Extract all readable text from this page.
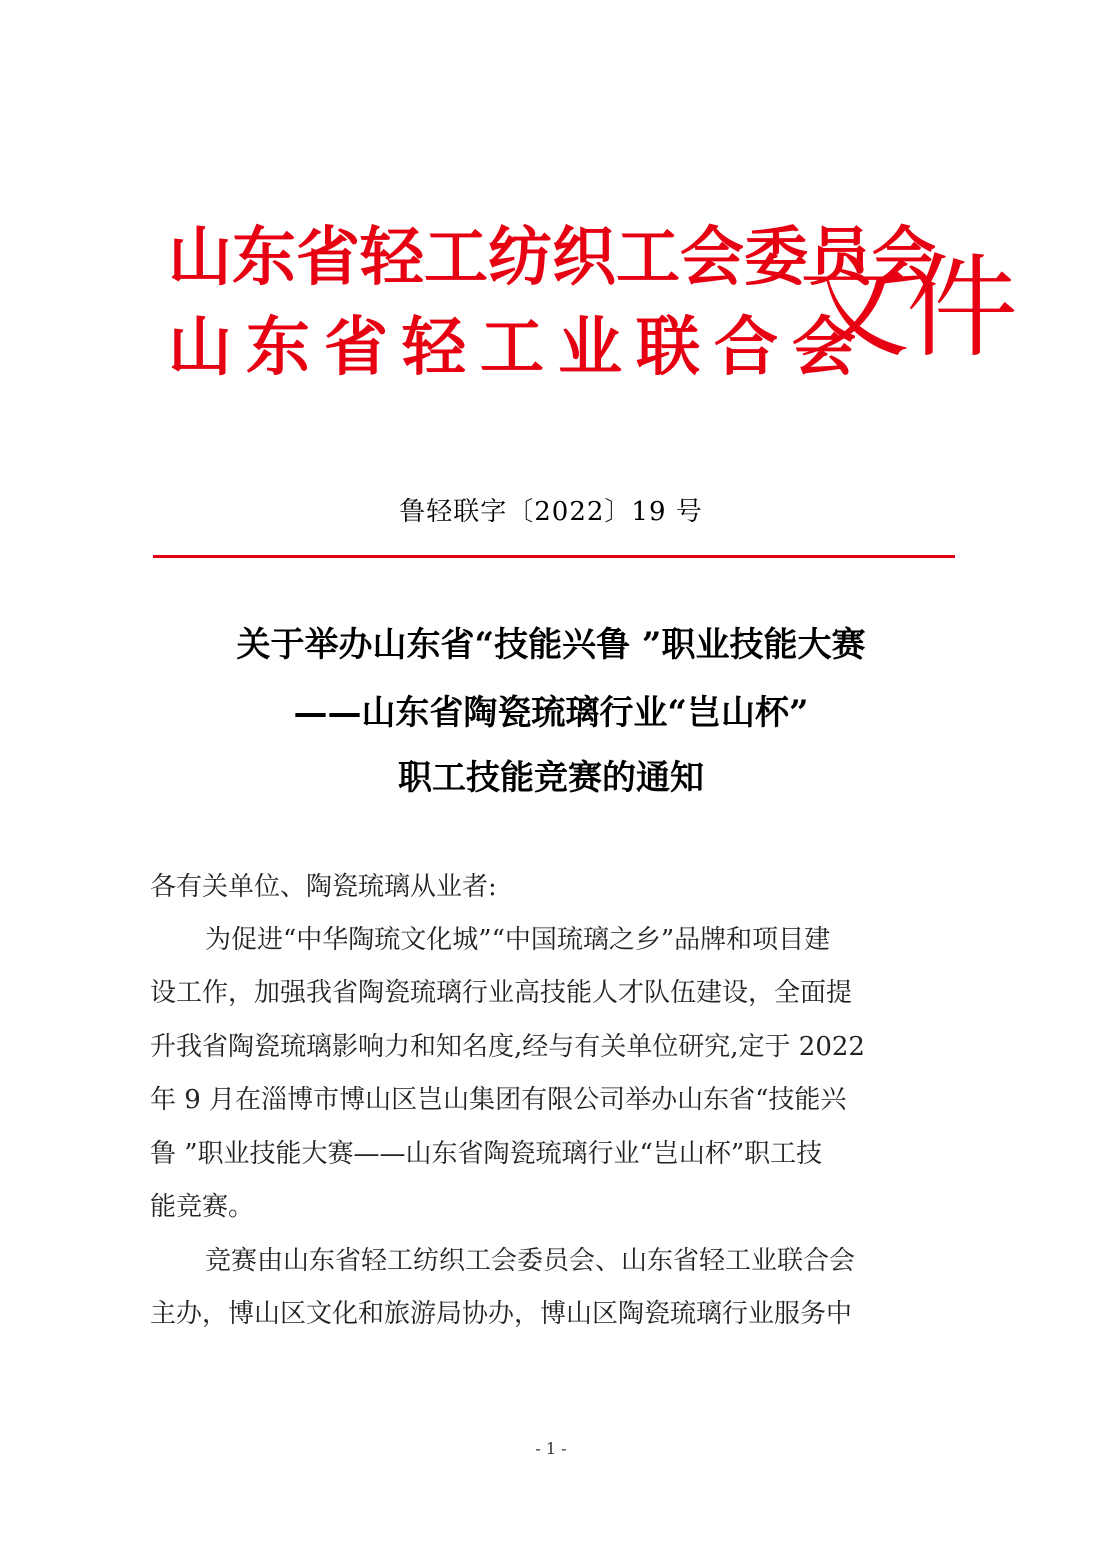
山东省轻工纺织工会委员会
山东省轻工业联合会
文件
鲁轻联字〔2022〕19 号
关于举办山东省“技能兴鲁 ”职业技能大赛
——山东省陶瓷琉璃行业“岂山杯”
职工技能竞赛的通知
各有关单位、陶瓷琉璃从业者:
为促进“中华陶琉文化城”“中国琉璃之乡”品牌和项目建
设工作，加强我省陶瓷琉璃行业高技能人才队伍建设，全面提
升我省陶瓷琉璃影响力和知名度,经与有关单位研究,定于 2022
年 9 月在淄博市博山区岂山集团有限公司举办山东省“技能兴
鲁 ”职业技能大赛——山东省陶瓷琉璃行业“岂山杯”职工技
能竞赛。
竞赛由山东省轻工纺织工会委员会、山东省轻工业联合会
主办，博山区文化和旅游局协办，博山区陶瓷琉璃行业服务中
- 1 -
